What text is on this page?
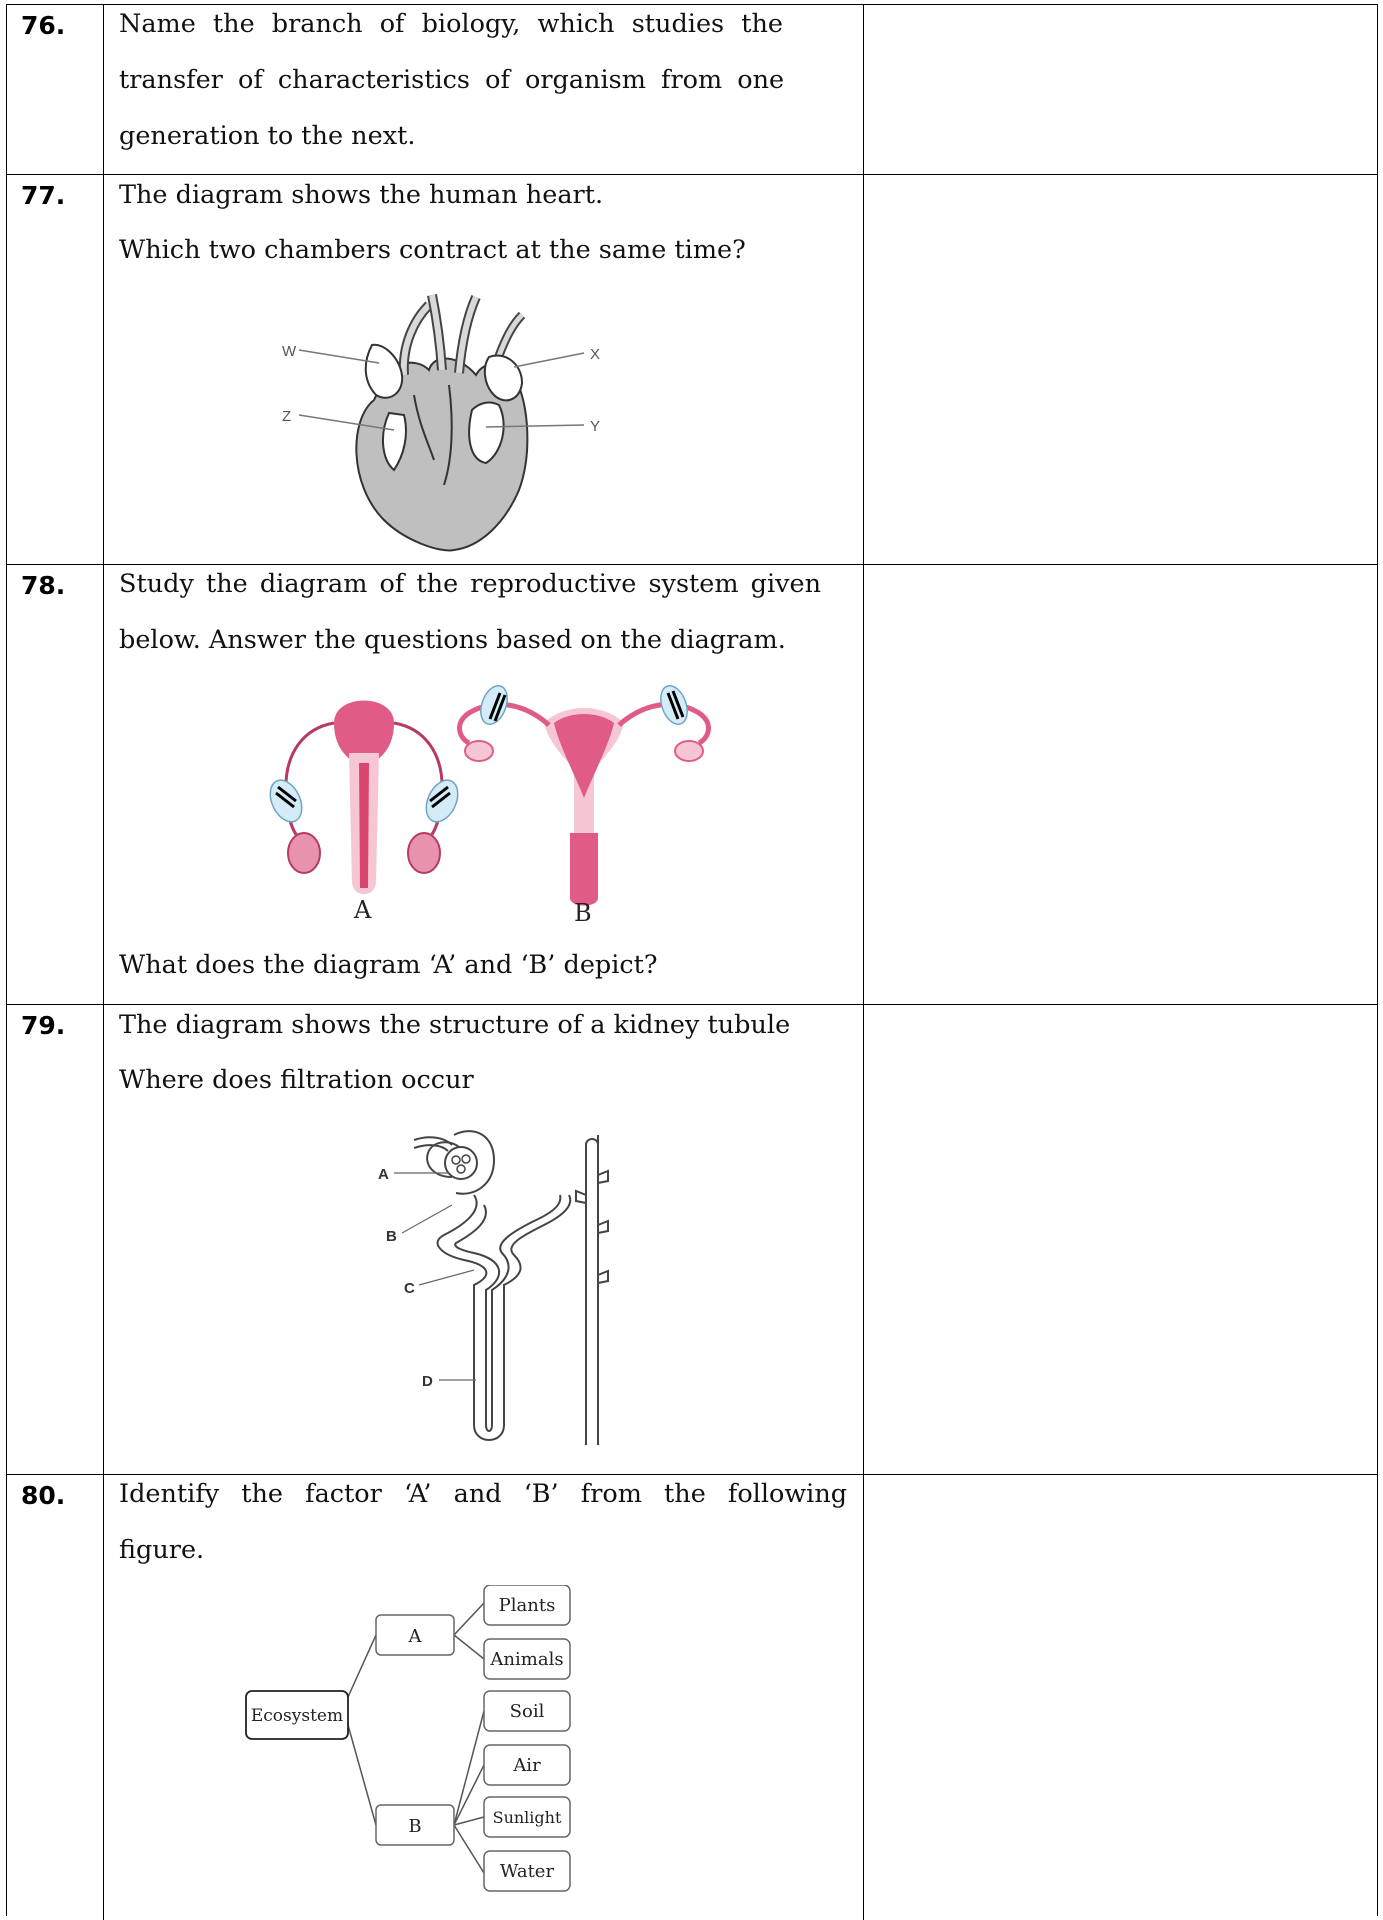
76.	Name the branch of biology, which studies the
transfer of characteristics of organism from one
generation to the next.
77.	The diagram shows the human heart.
Which two chambers contract at the same time?
W	X
Z
Y
78.	Study the diagram of the reproductive system given
below. Answer the questions based on the diagram.
A	B
What does the diagram ‘A’ and ‘B’ depict?
79.	The diagram shows the structure of a kidney tubule
Where does filtration occur
A
B
C
D
80.	Identify the factor ‘A’ and ‘B’ from the following
figure.
Ecosystem
A
B
Plants
Animals
Soil
Air
Sunlight
Water
